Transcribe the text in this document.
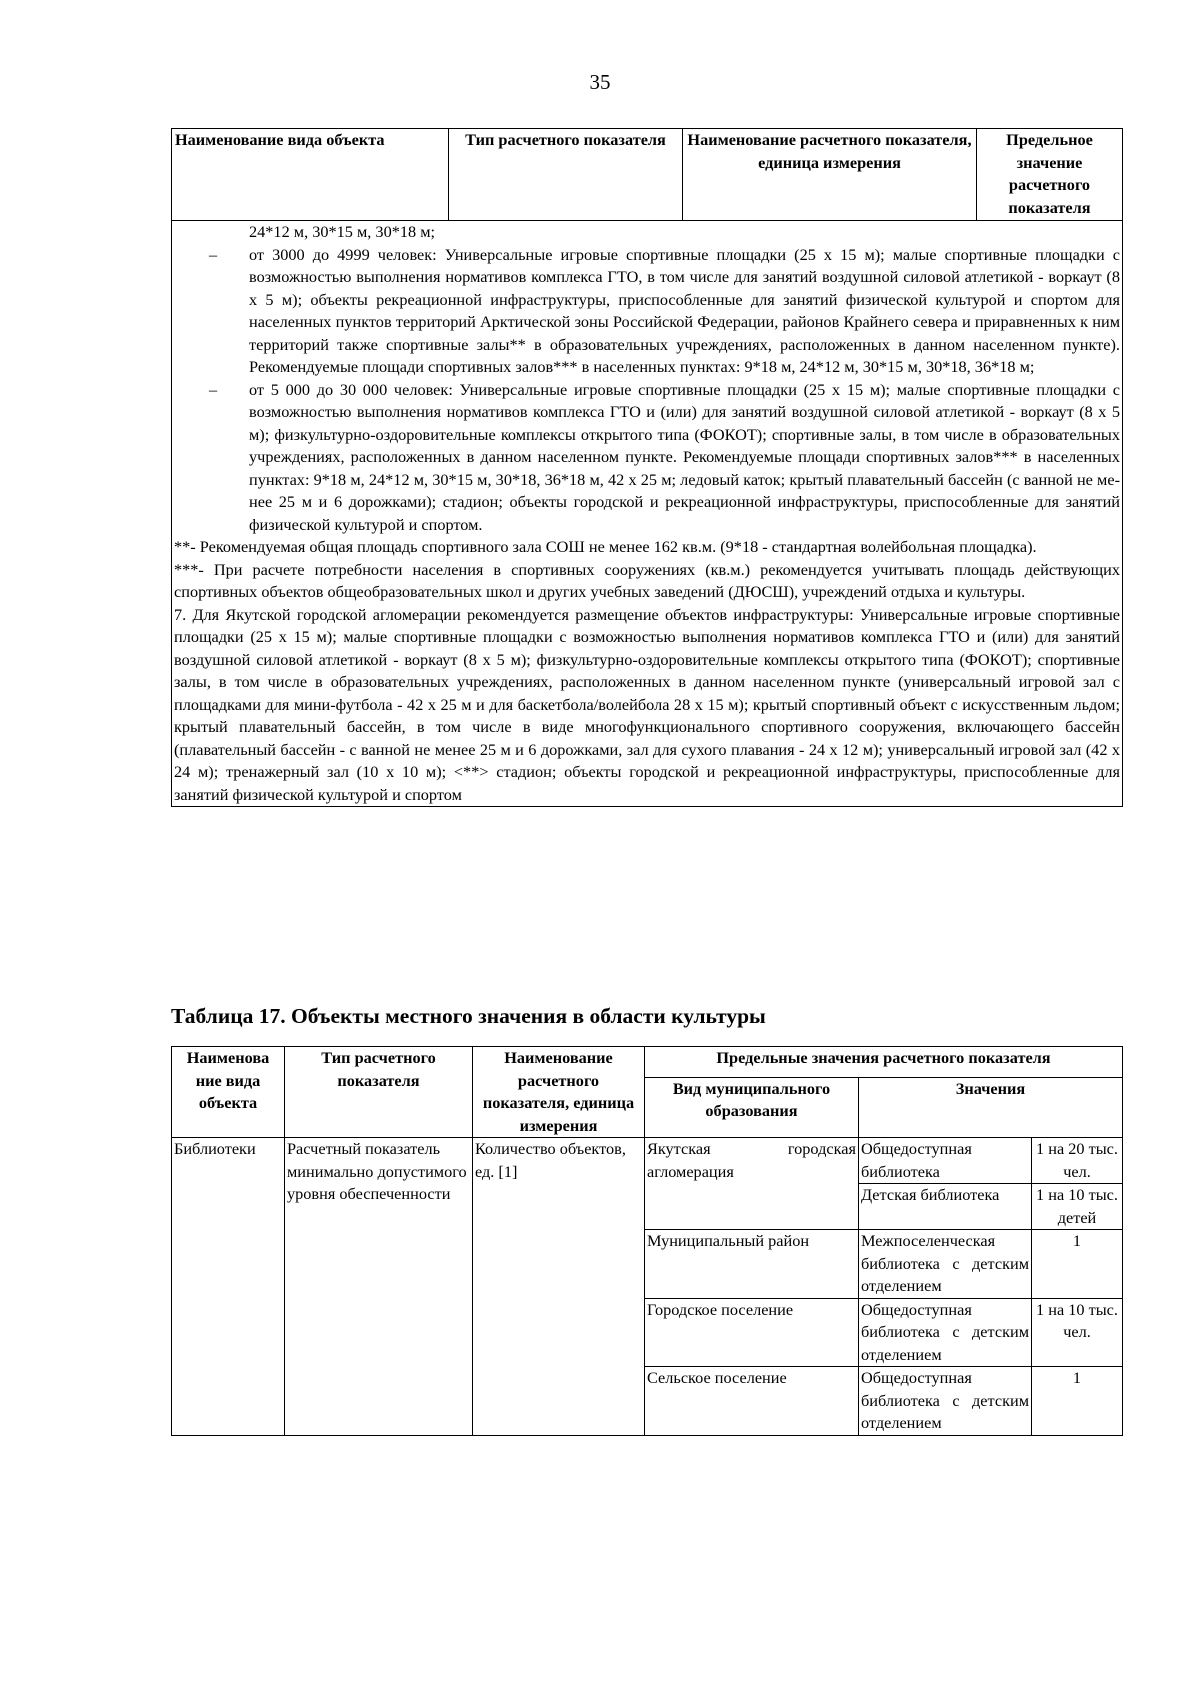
35
Наименование вида объекта	Тип расчетного показателя	Наименование расчетного показателя, единица измерения	Предельное значение расчетного показателя

24*12 м, 30*15 м, 30*18 м;
– от 3000 до 4999 человек: Универсальные игровые спортивные площадки (25 х 15 м); малые спортивные площадки с возможностью выполнения нормативов комплекса ГТО, в том числе для занятий воздушной силовой атлетикой - воркаут (8 х 5 м); объекты рекреационной инфраструктуры, приспособленные для занятий физической культурой и спортом для населенных пунктов территорий Арктической зоны Российской Федерации, районов Крайнего севера и приравненных к ним территорий также спортивные залы** в образовательных учреждениях, расположенных в данном населенном пункте). Рекомендуемые площади спортивных залов*** в населенных пунктах: 9*18 м, 24*12 м, 30*15 м, 30*18, 36*18 м;
– от 5 000 до 30 000 человек: Универсальные игровые спортивные площадки (25 х 15 м); малые спортивные площадки с возможностью выполнения нормативов комплекса ГТО и (или) для занятий воздушной силовой атлетикой - воркаут (8 х 5 м); физкультурно-оздоровительные комплексы открытого типа (ФОКОТ); спортивные залы, в том числе в образовательных учреждениях, расположенных в данном населенном пункте. Рекомендуемые площади спортивных залов*** в населенных пунктах: 9*18 м, 24*12 м, 30*15 м, 30*18, 36*18 м, 42 х 25 м; ледовый каток; крытый плавательный бассейн (с ванной не ме-нее 25 м и 6 дорожками); стадион; объекты городской и рекреационной инфраструктуры, приспособленные для занятий физической культурой и спортом.
**- Рекомендуемая общая площадь спортивного зала СОШ не менее 162 кв.м. (9*18 - стандартная волейбольная площадка).
***- При расчете потребности населения в спортивных сооружениях (кв.м.) рекомендуется учитывать площадь действующих спортивных объектов общеобразовательных школ и других учебных заведений (ДЮСШ), учреждений отдыха и культуры.
7. Для Якутской городской агломерации рекомендуется размещение объектов инфраструктуры: Универсальные игровые спортивные площадки (25 х 15 м); малые спортивные площадки с возможностью выполнения нормативов комплекса ГТО и (или) для занятий воздушной силовой атлетикой - воркаут (8 х 5 м); физкультурно-оздоровительные комплексы открытого типа (ФОКОТ); спортивные залы, в том числе в образовательных учреждениях, расположенных в данном населенном пункте (универсальный игровой зал с площадками для мини-футбола - 42 х 25 м и для баскетбола/волейбола 28 х 15 м); крытый спортивный объект с искусственным льдом; крытый плавательный бассейн, в том числе в виде многофункционального спортивного сооружения, включающего бассейн (плавательный бассейн - с ванной не менее 25 м и 6 дорожками, зал для сухого плавания - 24 х 12 м); универсальный игровой зал (42 х 24 м); тренажерный зал (10 х 10 м); <**> стадион; объекты городской и рекреационной инфраструктуры, приспособленные для занятий физической культурой и спортом
Таблица 17. Объекты местного значения в области культуры
Наименова ние вида объекта	Тип расчетного показателя	Наименование расчетного показателя, единица измерения	Предельные значения расчетного показателя		
			Вид муниципального образования	Значения	
Библиотеки	Расчетный показатель минимально допустимого уровня обеспеченности	Количество объектов, ед. [1]	Якутская городская агломерация	Общедоступная библиотека	1 на 20 тыс. чел.
				Детская библиотека	1 на 10 тыс. детей
			Муниципальный район	Межпоселенческая библиотека с детским отделением	1
			Городское поселение	Общедоступная библиотека с детским отделением	1 на 10 тыс. чел.
			Сельское поселение	Общедоступная библиотека с детским отделением	1
